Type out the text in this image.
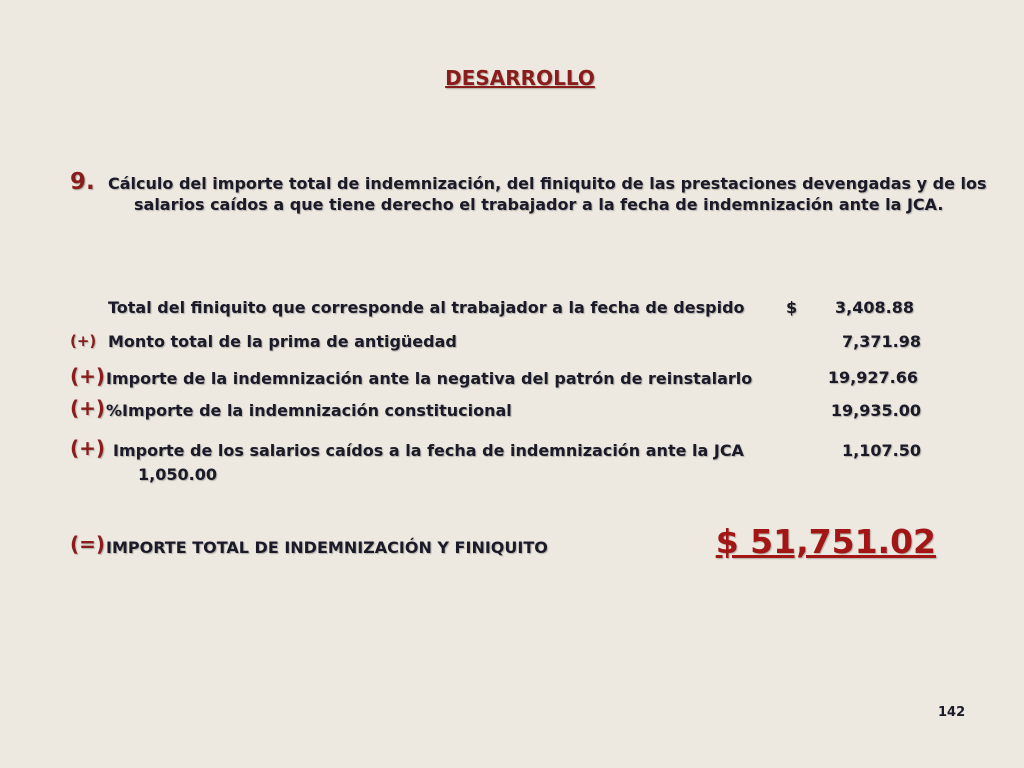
DESARROLLO
9. Cálculo del importe total de indemnización, del finiquito de las prestaciones devengadas y de los salarios caídos a que tiene derecho el trabajador a la fecha de indemnización ante la JCA.
Total del finiquito que corresponde al trabajador a la fecha de despido	$ 3,408.88
(+) Monto total de la prima de antigüedad	7,371.98
(+) Importe de la indemnización ante la negativa del patrón de reinstalarlo	19,927.66
(+) %Importe de la indemnización constitucional	19,935.00
(+) Importe de los salarios caídos a la fecha de indemnización ante la JCA	1,107.50
1,050.00
(=) IMPORTE TOTAL DE INDEMNIZACIÓN Y FINIQUITO	$ 51,751.02
142
